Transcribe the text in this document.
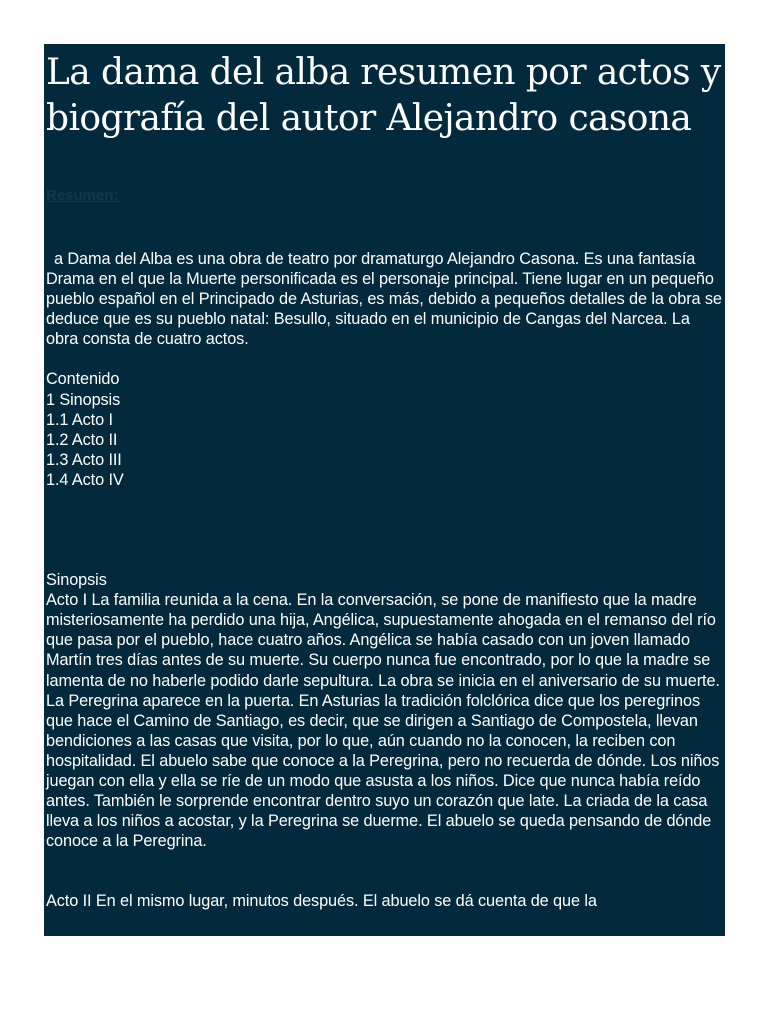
La dama del alba resumen por actos y biografía del autor Alejandro casona
Resumen:

a Dama del Alba es una obra de teatro por dramaturgo Alejandro Casona. Es una fantasía Drama en el que la Muerte personificada es el personaje principal. Tiene lugar en un pequeño pueblo español en el Principado de Asturias, es más, debido a pequeños detalles de la obra se deduce que es su pueblo natal: Besullo, situado en el municipio de Cangas del Narcea. La obra consta de cuatro actos.

Contenido
1 Sinopsis
1.1 Acto I
1.2 Acto II
1.3 Acto III
1.4 Acto IV
Sinopsis

Acto I La familia reunida a la cena. En la conversación, se pone de manifiesto que la madre misteriosamente ha perdido una hija, Angélica, supuestamente ahogada en el remanso del río que pasa por el pueblo, hace cuatro años. Angélica se había casado con un joven llamado Martín tres días antes de su muerte. Su cuerpo nunca fue encontrado, por lo que la madre se lamenta de no haberle podido darle sepultura. La obra se inicia en el aniversario de su muerte. La Peregrina aparece en la puerta. En Asturias la tradición folclórica dice que los peregrinos que hace el Camino de Santiago, es decir, que se dirigen a Santiago de Compostela, llevan bendiciones a las casas que visita, por lo que, aún cuando no la conocen, la reciben con hospitalidad. El abuelo sabe que conoce a la Peregrina, pero no recuerda de dónde. Los niños juegan con ella y ella se ríe de un modo que asusta a los niños. Dice que nunca había reído antes. También le sorprende encontrar dentro suyo un corazón que late. La criada de la casa lleva a los niños a acostar, y la Peregrina se duerme. El abuelo se queda pensando de dónde conoce a la Peregrina.

Acto II En el mismo lugar, minutos después. El abuelo se dá cuenta de que la
